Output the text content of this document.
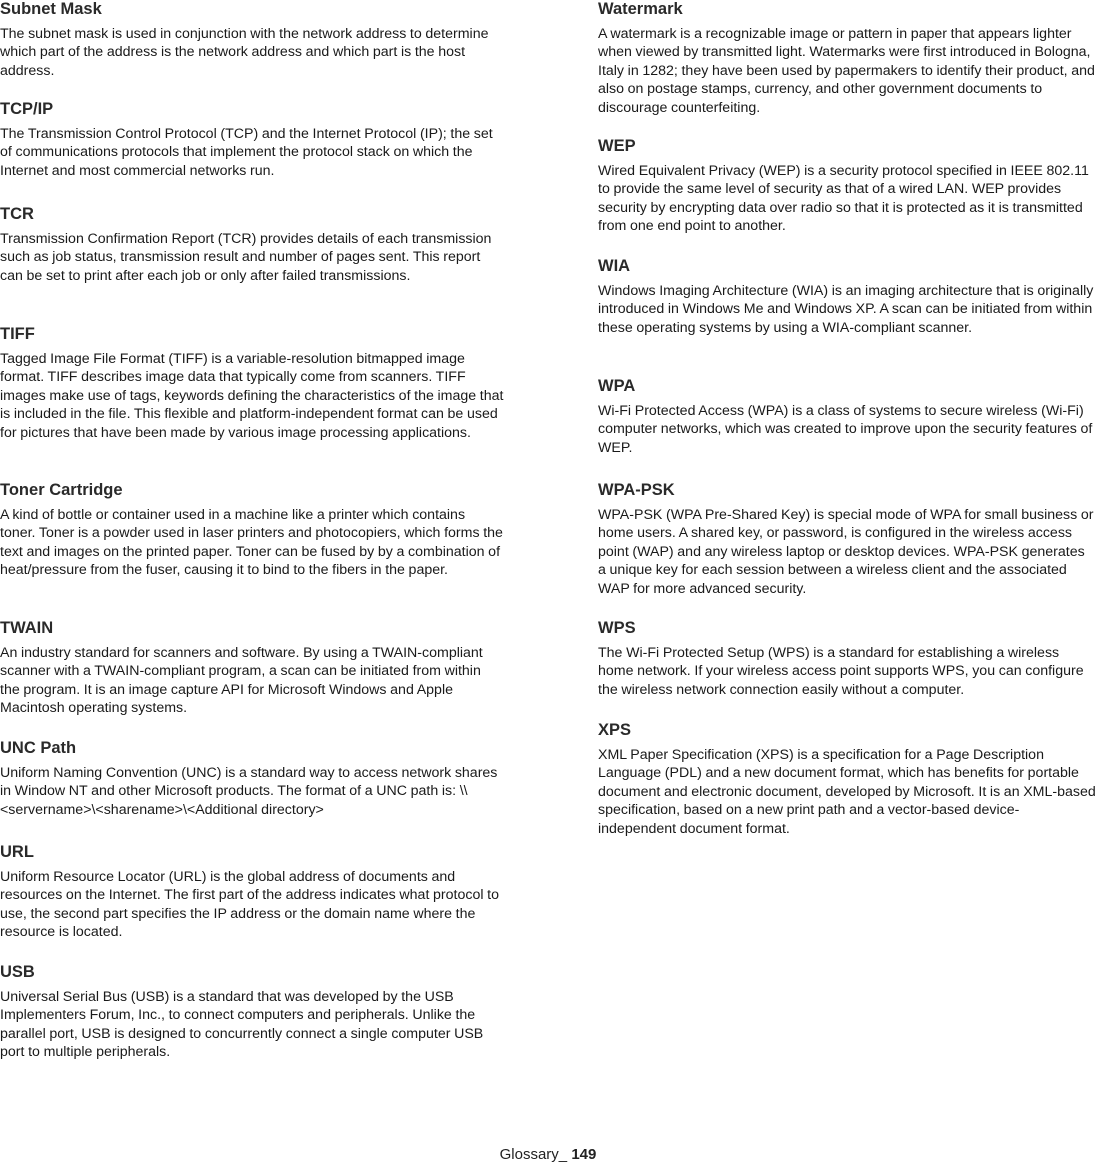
Subnet Mask

The subnet mask is used in conjunction with the network address to determine which part of the address is the network address and which part is the host address.

TCP/IP

The Transmission Control Protocol (TCP) and the Internet Protocol (IP); the set of communications protocols that implement the protocol stack on which the Internet and most commercial networks run.

TCR

Transmission Confirmation Report (TCR) provides details of each transmission such as job status, transmission result and number of pages sent. This report can be set to print after each job or only after failed transmissions.

TIFF

Tagged Image File Format (TIFF) is a variable-resolution bitmapped image format. TIFF describes image data that typically come from scanners. TIFF images make use of tags, keywords defining the characteristics of the image that is included in the file. This flexible and platform-independent format can be used for pictures that have been made by various image processing applications.

Toner Cartridge

A kind of bottle or container used in a machine like a printer which contains toner. Toner is a powder used in laser printers and photocopiers, which forms the text and images on the printed paper. Toner can be fused by by a combination of heat/pressure from the fuser, causing it to bind to the fibers in the paper.

TWAIN

An industry standard for scanners and software. By using a TWAIN-compliant scanner with a TWAIN-compliant program, a scan can be initiated from within the program. It is an image capture API for Microsoft Windows and Apple Macintosh operating systems.

UNC Path

Uniform Naming Convention (UNC) is a standard way to access network shares in Window NT and other Microsoft products. The format of a UNC path is: \\<servername>\<sharename>\<Additional directory>

URL

Uniform Resource Locator (URL) is the global address of documents and resources on the Internet. The first part of the address indicates what protocol to use, the second part specifies the IP address or the domain name where the resource is located.

USB

Universal Serial Bus (USB) is a standard that was developed by the USB Implementers Forum, Inc., to connect computers and peripherals. Unlike the parallel port, USB is designed to concurrently connect a single computer USB port to multiple peripherals.

Watermark

A watermark is a recognizable image or pattern in paper that appears lighter when viewed by transmitted light. Watermarks were first introduced in Bologna, Italy in 1282; they have been used by papermakers to identify their product, and also on postage stamps, currency, and other government documents to discourage counterfeiting.

WEP

Wired Equivalent Privacy (WEP) is a security protocol specified in IEEE 802.11 to provide the same level of security as that of a wired LAN. WEP provides security by encrypting data over radio so that it is protected as it is transmitted from one end point to another.

WIA

Windows Imaging Architecture (WIA) is an imaging architecture that is originally introduced in Windows Me and Windows XP. A scan can be initiated from within these operating systems by using a WIA-compliant scanner.

WPA

Wi-Fi Protected Access (WPA) is a class of systems to secure wireless (Wi-Fi) computer networks, which was created to improve upon the security features of WEP.

WPA-PSK

WPA-PSK (WPA Pre-Shared Key) is special mode of WPA for small business or home users. A shared key, or password, is configured in the wireless access point (WAP) and any wireless laptop or desktop devices. WPA-PSK generates a unique key for each session between a wireless client and the associated WAP for more advanced security.

WPS

The Wi-Fi Protected Setup (WPS) is a standard for establishing a wireless home network. If your wireless access point supports WPS, you can configure the wireless network connection easily without a computer.

XPS

XML Paper Specification (XPS) is a specification for a Page Description Language (PDL) and a new document format, which has benefits for portable document and electronic document, developed by Microsoft. It is an XML-based specification, based on a new print path and a vector-based device-independent document format.

Glossary_ 149
